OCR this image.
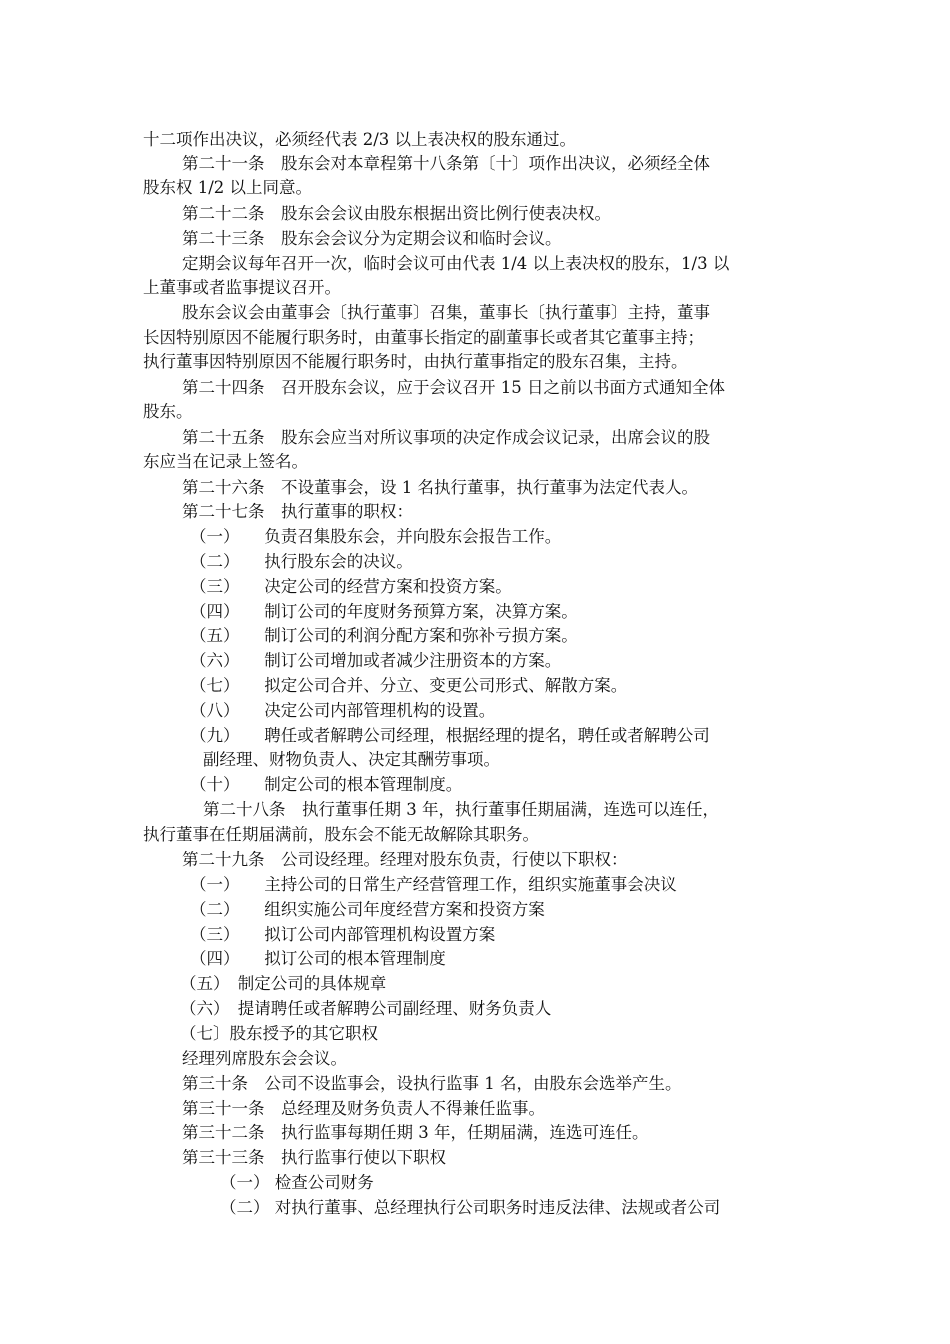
十二项作出决议，必须经代表 2/3 以上表决权的股东通过。
第二十一条　股东会对本章程第十八条第〔十〕项作出决议，必须经全体
股东权 1/2 以上同意。
第二十二条　股东会会议由股东根据出资比例行使表决权。
第二十三条　股东会会议分为定期会议和临时会议。
定期会议每年召开一次，临时会议可由代表 1/4 以上表决权的股东，1/3 以
上董事或者监事提议召开。
股东会议会由董事会〔执行董事〕召集，董事长〔执行董事〕主持，董事
长因特别原因不能履行职务时，由董事长指定的副董事长或者其它董事主持；
执行董事因特别原因不能履行职务时，由执行董事指定的股东召集，主持。
第二十四条　召开股东会议，应于会议召开 15 日之前以书面方式通知全体
股东。
第二十五条　股东会应当对所议事项的决定作成会议记录，出席会议的股
东应当在记录上签名。
第二十六条　不设董事会，设 1 名执行董事，执行董事为法定代表人。
第二十七条　执行董事的职权：
（一）　　负责召集股东会，并向股东会报告工作。
（二）　　执行股东会的决议。
（三）　　决定公司的经营方案和投资方案。
（四）　　制订公司的年度财务预算方案，决算方案。
（五）　　制订公司的利润分配方案和弥补亏损方案。
（六）　　制订公司增加或者减少注册资本的方案。
（七）　　拟定公司合并、分立、变更公司形式、解散方案。
（八）　　决定公司内部管理机构的设置。
（九）　　聘任或者解聘公司经理，根据经理的提名，聘任或者解聘公司
副经理、财物负责人、决定其酬劳事项。
（十）　　制定公司的根本管理制度。
第二十八条　执行董事任期 3 年，执行董事任期届满，连选可以连任，
执行董事在任期届满前，股东会不能无故解除其职务。
第二十九条　公司设经理。经理对股东负责，行使以下职权：
（一）　　主持公司的日常生产经营管理工作，组织实施董事会决议
（二）　　组织实施公司年度经营方案和投资方案
（三）　　拟订公司内部管理机构设置方案
（四）　　拟订公司的根本管理制度
（五）　制定公司的具体规章
（六）　提请聘任或者解聘公司副经理、财务负责人
（七〕股东授予的其它职权
经理列席股东会会议。
第三十条　公司不设监事会，设执行监事 1 名，由股东会选举产生。
第三十一条　总经理及财务负责人不得兼任监事。
第三十二条　执行监事每期任期 3 年，任期届满，连选可连任。
第三十三条　执行监事行使以下职权
（一） 检查公司财务
（二） 对执行董事、总经理执行公司职务时违反法律、法规或者公司
